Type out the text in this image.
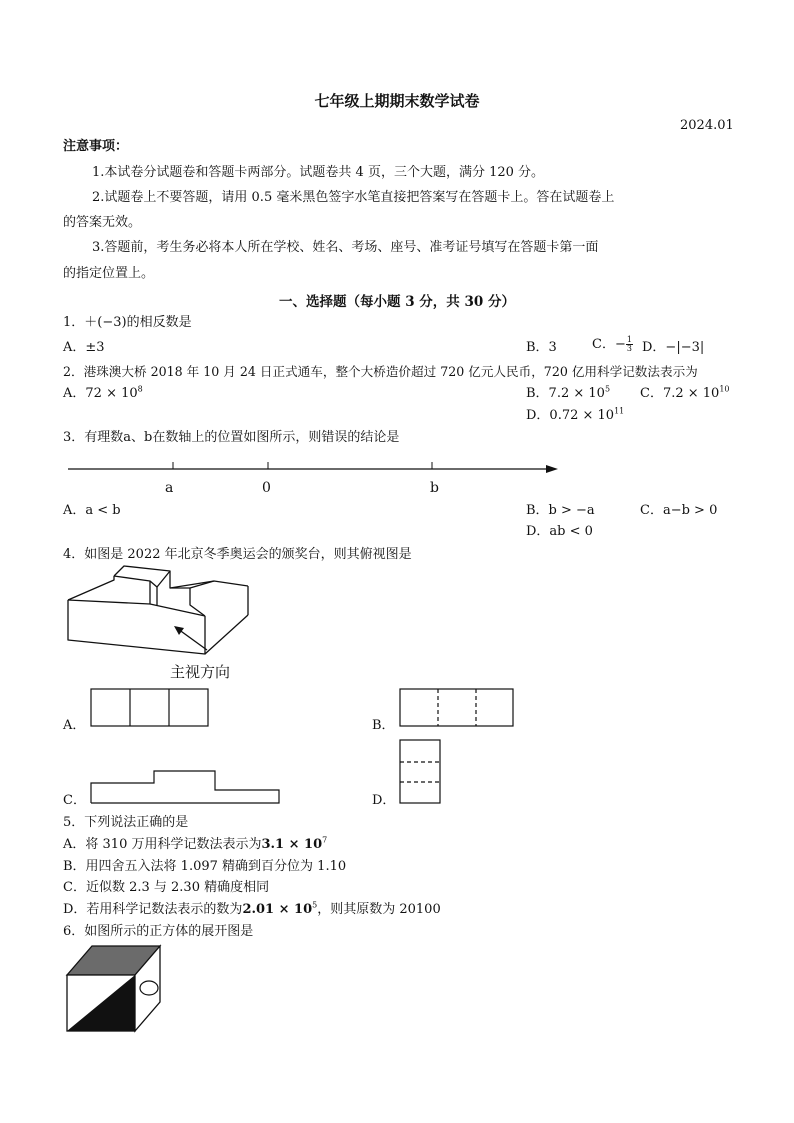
七年级上期期末数学试卷
2024.01
注意事项：
1.本试卷分试题卷和答题卡两部分。试题卷共 4 页，三个大题，满分 120 分。
2.试题卷上不要答题，请用 0.5 毫米黑色签字水笔直接把答案写在答题卡上。答在试题卷上
的答案无效。
3.答题前，考生务必将本人所在学校、姓名、考场、座号、准考证号填写在答题卡第一面
的指定位置上。
一、选择题（每小题 3 分，共 30 分）
1．＋(−3)的相反数是
A．±3	B．3	C．− $\frac{1}{3}$ D．−|−3|
2．港珠澳大桥 2018 年 10 月 24 日正式通车，整个大桥造价超过 720 亿元人民币，720 亿用科学记数法表示为
A．$72 \times 10^8$	B．$7.2 \times 10^5$ C．$7.2 \times 10^{10}$
D．$0.72 \times 10^{11}$
3．有理数a、b在数轴上的位置如图所示，则错误的结论是
a	0	b
A．a < b	B．b > −a	C．a−b > 0
D．ab < 0
4．如图是 2022 年北京冬季奥运会的颁奖台，则其俯视图是
主视方向
A．	B．
C．	D．
5．下列说法正确的是
A．将 310 万用科学记数法表示为$3.1 \times 10^7$
B．用四舍五入法将 1.097 精确到百分位为 1.10
C．近似数 2.3 与 2.30 精确度相同
D．若用科学记数法表示的数为$2.01 \times 10^5$，则其原数为 20100
6．如图所示的正方体的展开图是
